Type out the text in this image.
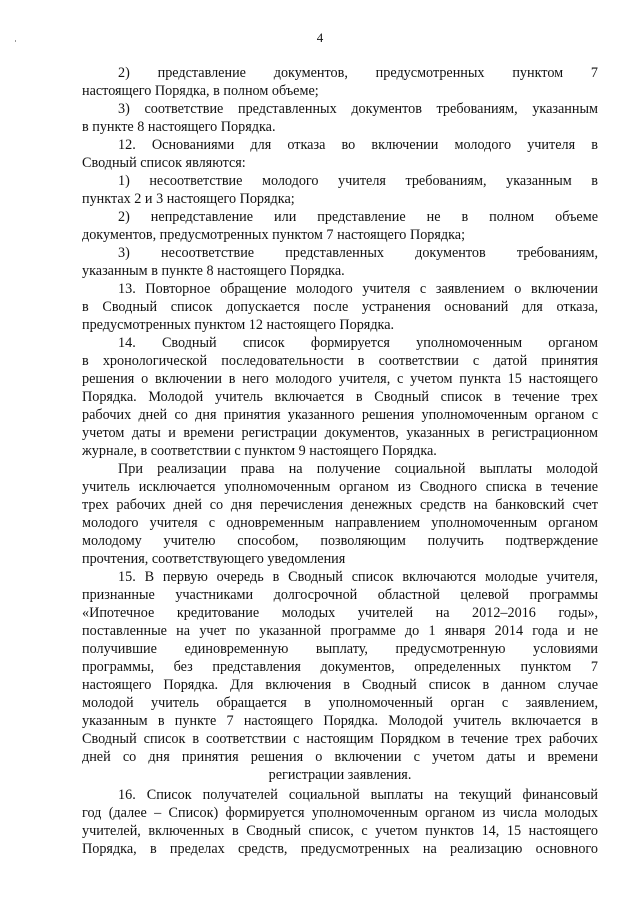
4
2) представление документов, предусмотренных пунктом 7
настоящего Порядка, в полном объеме;
3) соответствие представленных документов требованиям, указанным
в пункте 8 настоящего Порядка.
12. Основаниями для отказа во включении молодого учителя в
Сводный список являются:
1) несоответствие молодого учителя требованиям, указанным в
пунктах 2 и 3 настоящего Порядка;
2) непредставление или представление не в полном объеме
документов, предусмотренных пунктом 7 настоящего Порядка;
3) несоответствие представленных документов требованиям,
указанным в пункте 8 настоящего Порядка.
13. Повторное обращение молодого учителя с заявлением о включении
в Сводный список допускается после устранения оснований для отказа,
предусмотренных пунктом 12 настоящего Порядка.
14. Сводный список формируется уполномоченным органом
в хронологической последовательности в соответствии с датой принятия
решения о включении в него молодого учителя, с учетом пункта 15 настоящего
Порядка. Молодой учитель включается в Сводный список в течение трех
рабочих дней со дня принятия указанного решения уполномоченным органом с
учетом даты и времени регистрации документов, указанных в регистрационном
журнале, в соответствии с пунктом 9 настоящего Порядка.
При реализации права на получение социальной выплаты молодой
учитель исключается уполномоченным органом из Сводного списка в течение
трех рабочих дней со дня перечисления денежных средств на банковский счет
молодого учителя с одновременным направлением уполномоченным органом
молодому учителю способом, позволяющим получить подтверждение
прочтения, соответствующего уведомления
15. В первую очередь в Сводный список включаются молодые учителя,
признанные участниками долгосрочной областной целевой программы
«Ипотечное кредитование молодых учителей на 2012–2016 годы»,
поставленные на учет по указанной программе до 1 января 2014 года и не
получившие единовременную выплату, предусмотренную условиями
программы, без представления документов, определенных пунктом 7
настоящего Порядка. Для включения в Сводный список в данном случае
молодой учитель обращается в уполномоченный орган с заявлением,
указанным в пункте 7 настоящего Порядка. Молодой учитель включается в
Сводный список в соответствии с настоящим Порядком в течение трех рабочих
дней со дня принятия решения о включении с учетом даты и времени
регистрации заявления.
16. Список получателей социальной выплаты на текущий финансовый
год (далее – Список) формируется уполномоченным органом из числа молодых
учителей, включенных в Сводный список, с учетом пунктов 14, 15 настоящего
Порядка, в пределах средств, предусмотренных на реализацию основного
